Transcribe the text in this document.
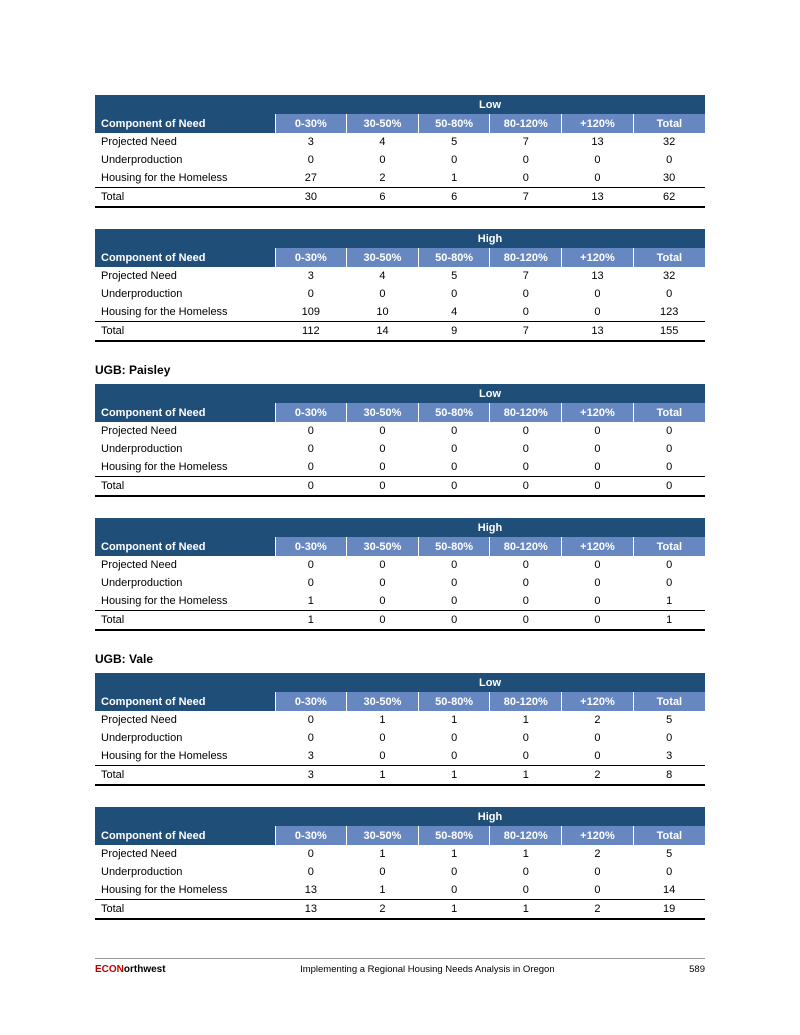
	Low					
Component of Need	0-30%	30-50%	50-80%	80-120%	+120%	Total
Projected Need	3	4	5	7	13	32
Underproduction	0	0	0	0	0	0
Housing for the Homeless	27	2	1	0	0	30
Total	30	6	6	7	13	62
	High					
Component of Need	0-30%	30-50%	50-80%	80-120%	+120%	Total
Projected Need	3	4	5	7	13	32
Underproduction	0	0	0	0	0	0
Housing for the Homeless	109	10	4	0	0	123
Total	112	14	9	7	13	155
UGB: Paisley
	Low					
Component of Need	0-30%	30-50%	50-80%	80-120%	+120%	Total
Projected Need	0	0	0	0	0	0
Underproduction	0	0	0	0	0	0
Housing for the Homeless	0	0	0	0	0	0
Total	0	0	0	0	0	0
	High					
Component of Need	0-30%	30-50%	50-80%	80-120%	+120%	Total
Projected Need	0	0	0	0	0	0
Underproduction	0	0	0	0	0	0
Housing for the Homeless	1	0	0	0	0	1
Total	1	0	0	0	0	1
UGB: Vale
	Low					
Component of Need	0-30%	30-50%	50-80%	80-120%	+120%	Total
Projected Need	0	1	1	1	2	5
Underproduction	0	0	0	0	0	0
Housing for the Homeless	3	0	0	0	0	3
Total	3	1	1	1	2	8
	High					
Component of Need	0-30%	30-50%	50-80%	80-120%	+120%	Total
Projected Need	0	1	1	1	2	5
Underproduction	0	0	0	0	0	0
Housing for the Homeless	13	1	0	0	0	14
Total	13	2	1	1	2	19
ECONorthwest	Implementing a Regional Housing Needs Analysis in Oregon	589
